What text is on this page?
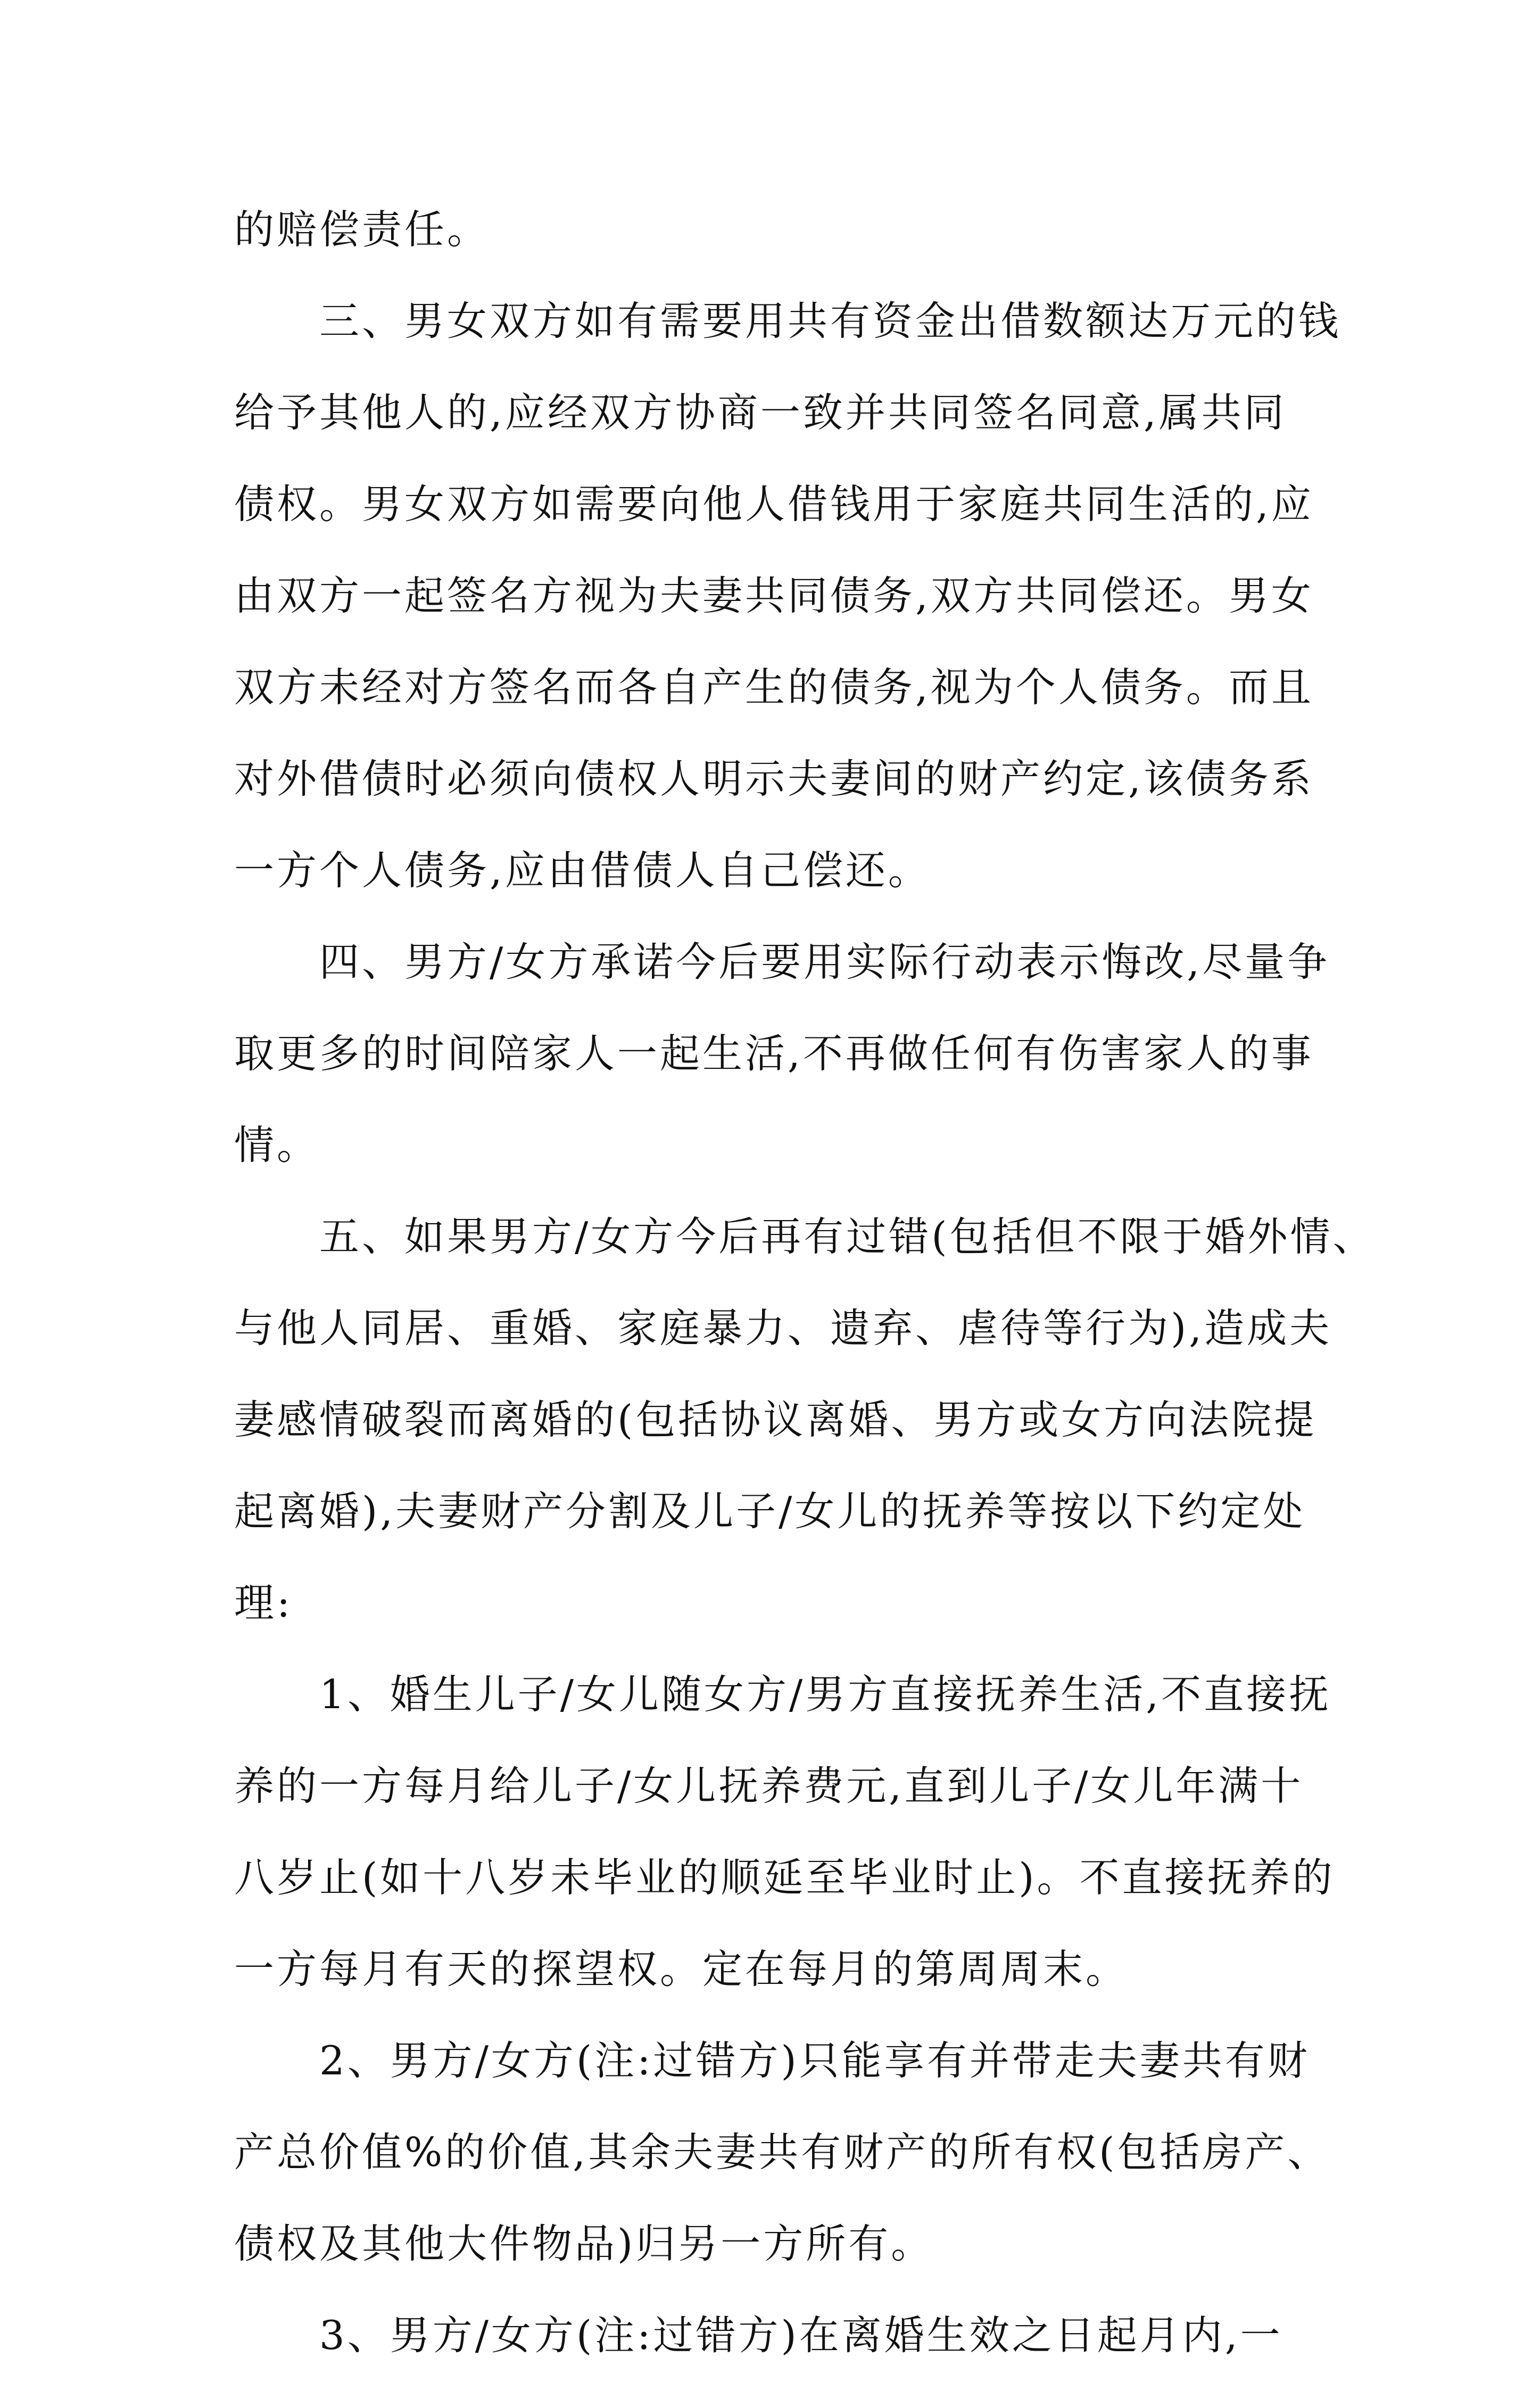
的赔偿责任。
三、男女双方如有需要用共有资金出借数额达万元的钱
给予其他人的,应经双方协商一致并共同签名同意,属共同
债权。男女双方如需要向他人借钱用于家庭共同生活的,应
由双方一起签名方视为夫妻共同债务,双方共同偿还。男女
双方未经对方签名而各自产生的债务,视为个人债务。而且
对外借债时必须向债权人明示夫妻间的财产约定,该债务系
一方个人债务,应由借债人自己偿还。
四、男方/女方承诺今后要用实际行动表示悔改,尽量争
取更多的时间陪家人一起生活,不再做任何有伤害家人的事
情。
五、如果男方/女方今后再有过错(包括但不限于婚外情、
与他人同居、重婚、家庭暴力、遗弃、虐待等行为),造成夫
妻感情破裂而离婚的(包括协议离婚、男方或女方向法院提
起离婚),夫妻财产分割及儿子/女儿的抚养等按以下约定处
理:
1、婚生儿子/女儿随女方/男方直接抚养生活,不直接抚
养的一方每月给儿子/女儿抚养费元,直到儿子/女儿年满十
八岁止(如十八岁未毕业的顺延至毕业时止)。不直接抚养的
一方每月有天的探望权。定在每月的第周周末。
2、男方/女方(注:过错方)只能享有并带走夫妻共有财
产总价值%的价值,其余夫妻共有财产的所有权(包括房产、
债权及其他大件物品)归另一方所有。
3、男方/女方(注:过错方)在离婚生效之日起月内,一
